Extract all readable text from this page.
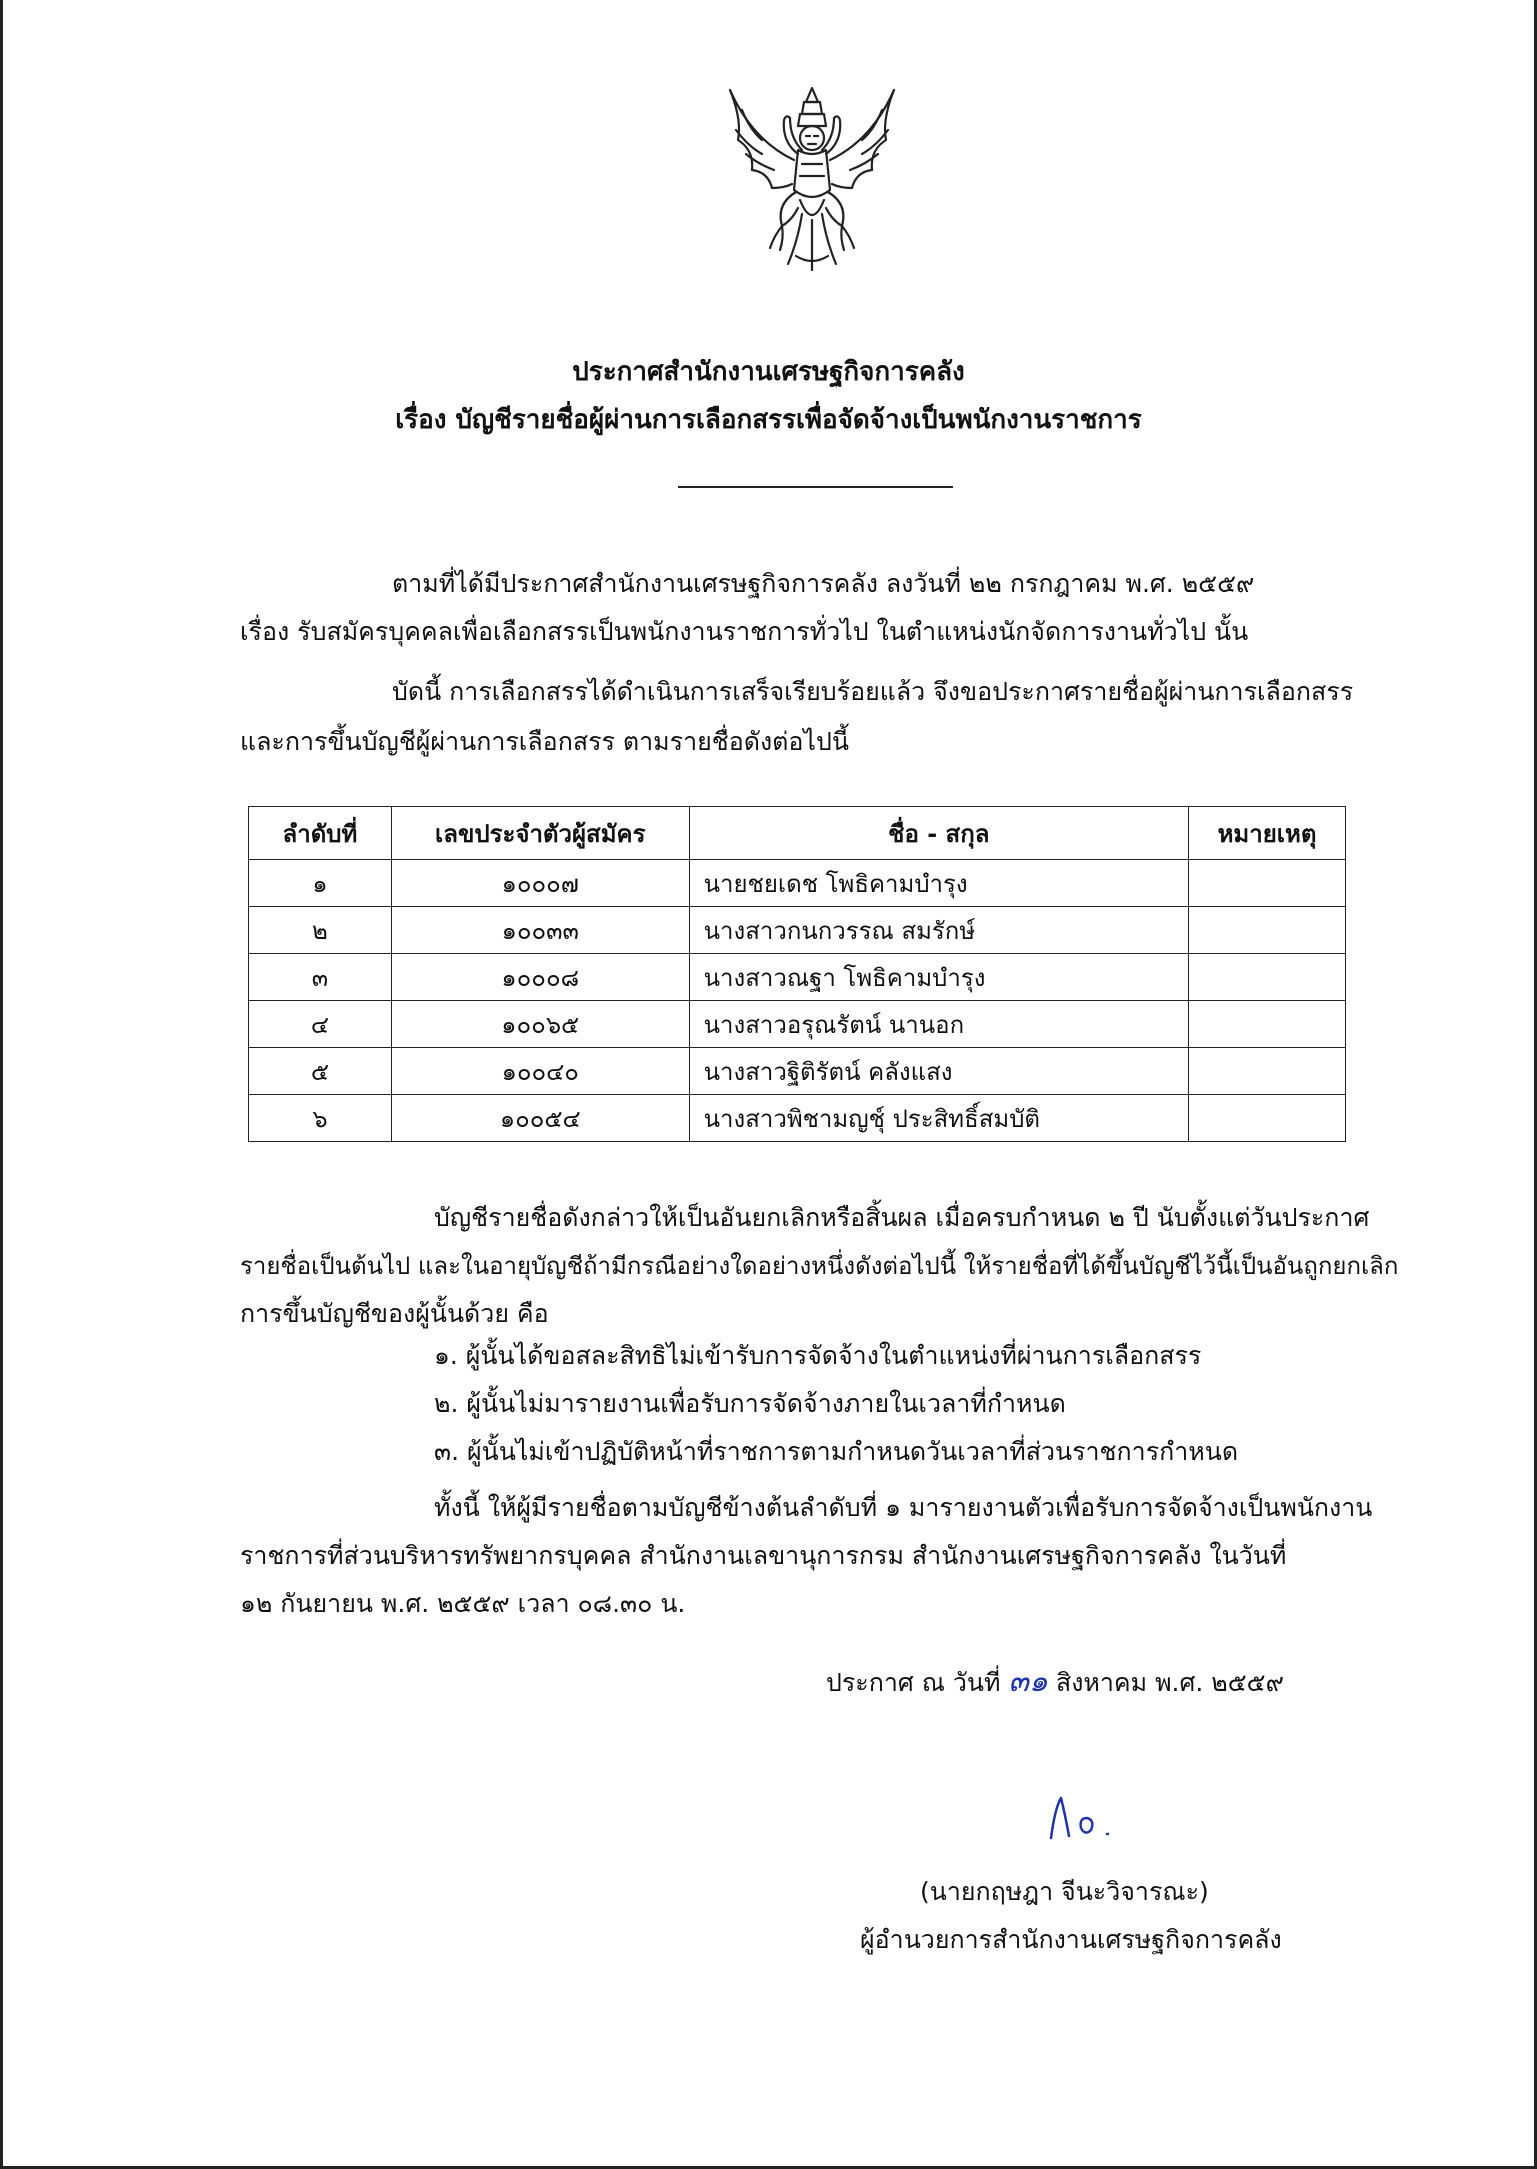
ประกาศสำนักงานเศรษฐกิจการคลัง
เรื่อง บัญชีรายชื่อผู้ผ่านการเลือกสรรเพื่อจัดจ้างเป็นพนักงานราชการ
ตามที่ได้มีประกาศสำนักงานเศรษฐกิจการคลัง ลงวันที่ ๒๒ กรกฎาคม พ.ศ. ๒๕๕๙
เรื่อง รับสมัครบุคคลเพื่อเลือกสรรเป็นพนักงานราชการทั่วไป ในตำแหน่งนักจัดการงานทั่วไป นั้น
บัดนี้ การเลือกสรรได้ดำเนินการเสร็จเรียบร้อยแล้ว จึงขอประกาศรายชื่อผู้ผ่านการเลือกสรร
และการขึ้นบัญชีผู้ผ่านการเลือกสรร ตามรายชื่อดังต่อไปนี้
ลำดับที่	เลขประจำตัวผู้สมัคร	ชื่อ - สกุล	หมายเหตุ
๑	๑๐๐๐๗	นายชยเดช โพธิคามบำรุง	
๒	๑๐๐๓๓	นางสาวกนกวรรณ สมรักษ์	
๓	๑๐๐๐๘	นางสาวณฐา โพธิคามบำรุง	
๔	๑๐๐๖๕	นางสาวอรุณรัตน์ นานอก	
๕	๑๐๐๔๐	นางสาวฐิติรัตน์ คลังแสง	
๖	๑๐๐๕๔	นางสาวพิชามญชุ์ ประสิทธิ์สมบัติ	
บัญชีรายชื่อดังกล่าวให้เป็นอันยกเลิกหรือสิ้นผล เมื่อครบกำหนด ๒ ปี นับตั้งแต่วันประกาศ
รายชื่อเป็นต้นไป และในอายุบัญชีถ้ามีกรณีอย่างใดอย่างหนึ่งดังต่อไปนี้ ให้รายชื่อที่ได้ขึ้นบัญชีไว้นี้เป็นอันถูกยกเลิก
การขึ้นบัญชีของผู้นั้นด้วย คือ
๑. ผู้นั้นได้ขอสละสิทธิไม่เข้ารับการจัดจ้างในตำแหน่งที่ผ่านการเลือกสรร
๒. ผู้นั้นไม่มารายงานเพื่อรับการจัดจ้างภายในเวลาที่กำหนด
๓. ผู้นั้นไม่เข้าปฏิบัติหน้าที่ราชการตามกำหนดวันเวลาที่ส่วนราชการกำหนด
ทั้งนี้ ให้ผู้มีรายชื่อตามบัญชีข้างต้นลำดับที่ ๑ มารายงานตัวเพื่อรับการจัดจ้างเป็นพนักงาน
ราชการที่ส่วนบริหารทรัพยากรบุคคล สำนักงานเลขานุการกรม สำนักงานเศรษฐกิจการคลัง ในวันที่
๑๒ กันยายน พ.ศ. ๒๕๕๙ เวลา ๐๘.๓๐ น.
ประกาศ ณ วันที่ ๓๑ สิงหาคม พ.ศ. ๒๕๕๙
(นายกฤษฎา จีนะวิจารณะ)
ผู้อำนวยการสำนักงานเศรษฐกิจการคลัง
